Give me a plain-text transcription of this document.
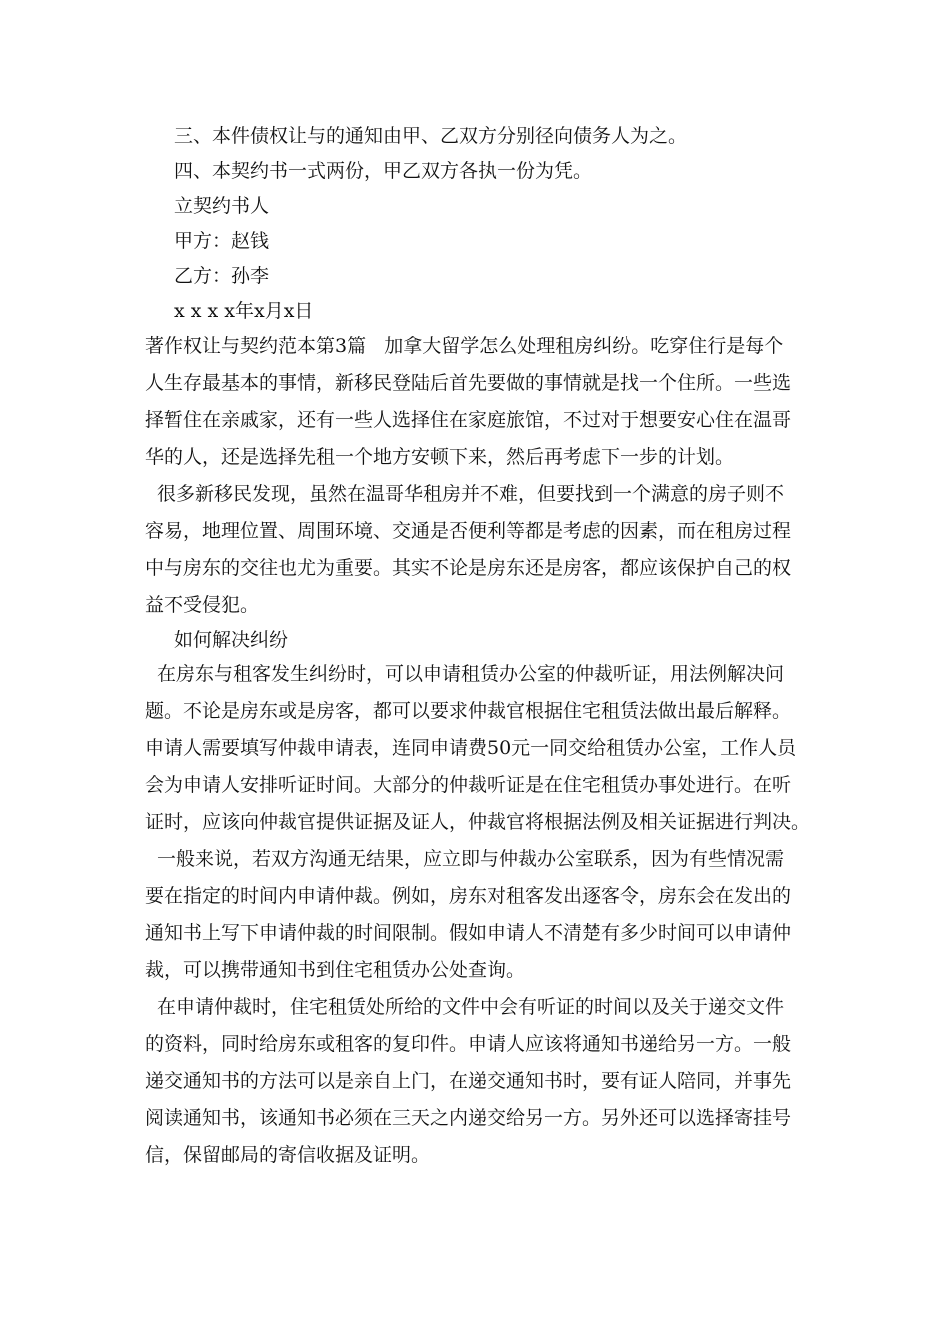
三、本件债权让与的通知由甲、乙双方分别径向债务人为之。
四、本契约书一式两份，甲乙双方各执一份为凭。
立契约书人
甲方：赵钱
乙方：孙李
x x x x年x月x日
著作权让与契约范本第3篇   加拿大留学怎么处理租房纠纷。吃穿住行是每个
人生存最基本的事情，新移民登陆后首先要做的事情就是找一个住所。一些选
择暂住在亲戚家，还有一些人选择住在家庭旅馆，不过对于想要安心住在温哥
华的人，还是选择先租一个地方安顿下来，然后再考虑下一步的计划。
很多新移民发现，虽然在温哥华租房并不难，但要找到一个满意的房子则不
容易，地理位置、周围环境、交通是否便利等都是考虑的因素，而在租房过程
中与房东的交往也尤为重要。其实不论是房东还是房客，都应该保护自己的权
益不受侵犯。
如何解决纠纷
在房东与租客发生纠纷时，可以申请租赁办公室的仲裁听证，用法例解决问
题。不论是房东或是房客，都可以要求仲裁官根据住宅租赁法做出最后解释。
申请人需要填写仲裁申请表，连同申请费50元一同交给租赁办公室，工作人员
会为申请人安排听证时间。大部分的仲裁听证是在住宅租赁办事处进行。在听
证时，应该向仲裁官提供证据及证人，仲裁官将根据法例及相关证据进行判决。
一般来说，若双方沟通无结果，应立即与仲裁办公室联系，因为有些情况需
要在指定的时间内申请仲裁。例如，房东对租客发出逐客令，房东会在发出的
通知书上写下申请仲裁的时间限制。假如申请人不清楚有多少时间可以申请仲
裁，可以携带通知书到住宅租赁办公处查询。
在申请仲裁时，住宅租赁处所给的文件中会有听证的时间以及关于递交文件
的资料，同时给房东或租客的复印件。申请人应该将通知书递给另一方。一般
递交通知书的方法可以是亲自上门，在递交通知书时，要有证人陪同，并事先
阅读通知书，该通知书必须在三天之内递交给另一方。另外还可以选择寄挂号
信，保留邮局的寄信收据及证明。
